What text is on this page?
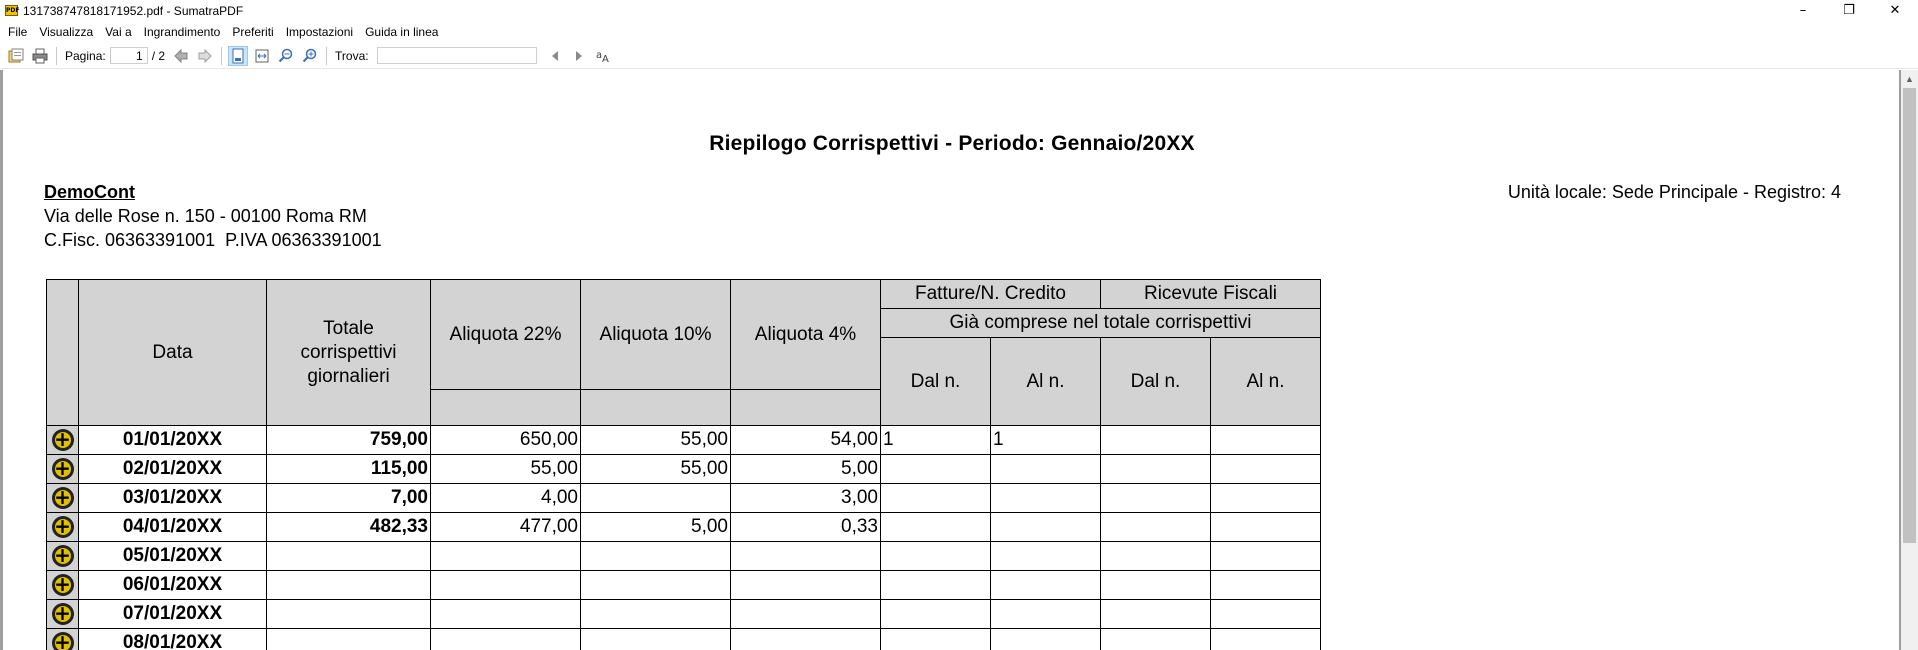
PDF 131738747818171952.pdf - SumatraPDF	–	❐	✕
File	Visualizza	Vai a	Ingrandimento	Preferiti	Impostazioni	Guida in linea
Pagina:
1	/ 2	Trova:	a A
Riepilogo Corrispettivi - Periodo: Gennaio/20XX
DemoCont
Via delle Rose n. 150 - 00100 Roma RM
C.Fisc. 06363391001  P.IVA 06363391001
Unità locale: Sede Principale - Registro: 4
	Data	Totale corrispettivi giornalieri	Aliquota 22%	Aliquota 10%	Aliquota 4%	Fatture/N. Credito		Ricevute Fiscali	
						Già comprese nel totale corrispettivi			
						Dal n.	Al n.	Dal n.	Al n.

+	01/01/20XX	759,00	650,00	55,00	54,00	1	1		
+	02/01/20XX	115,00	55,00	55,00	5,00				
+	03/01/20XX	7,00	4,00		3,00				
+	04/01/20XX	482,33	477,00	5,00	0,33				
+	05/01/20XX								
+	06/01/20XX								
+	07/01/20XX								
+	08/01/20XX								
▲
